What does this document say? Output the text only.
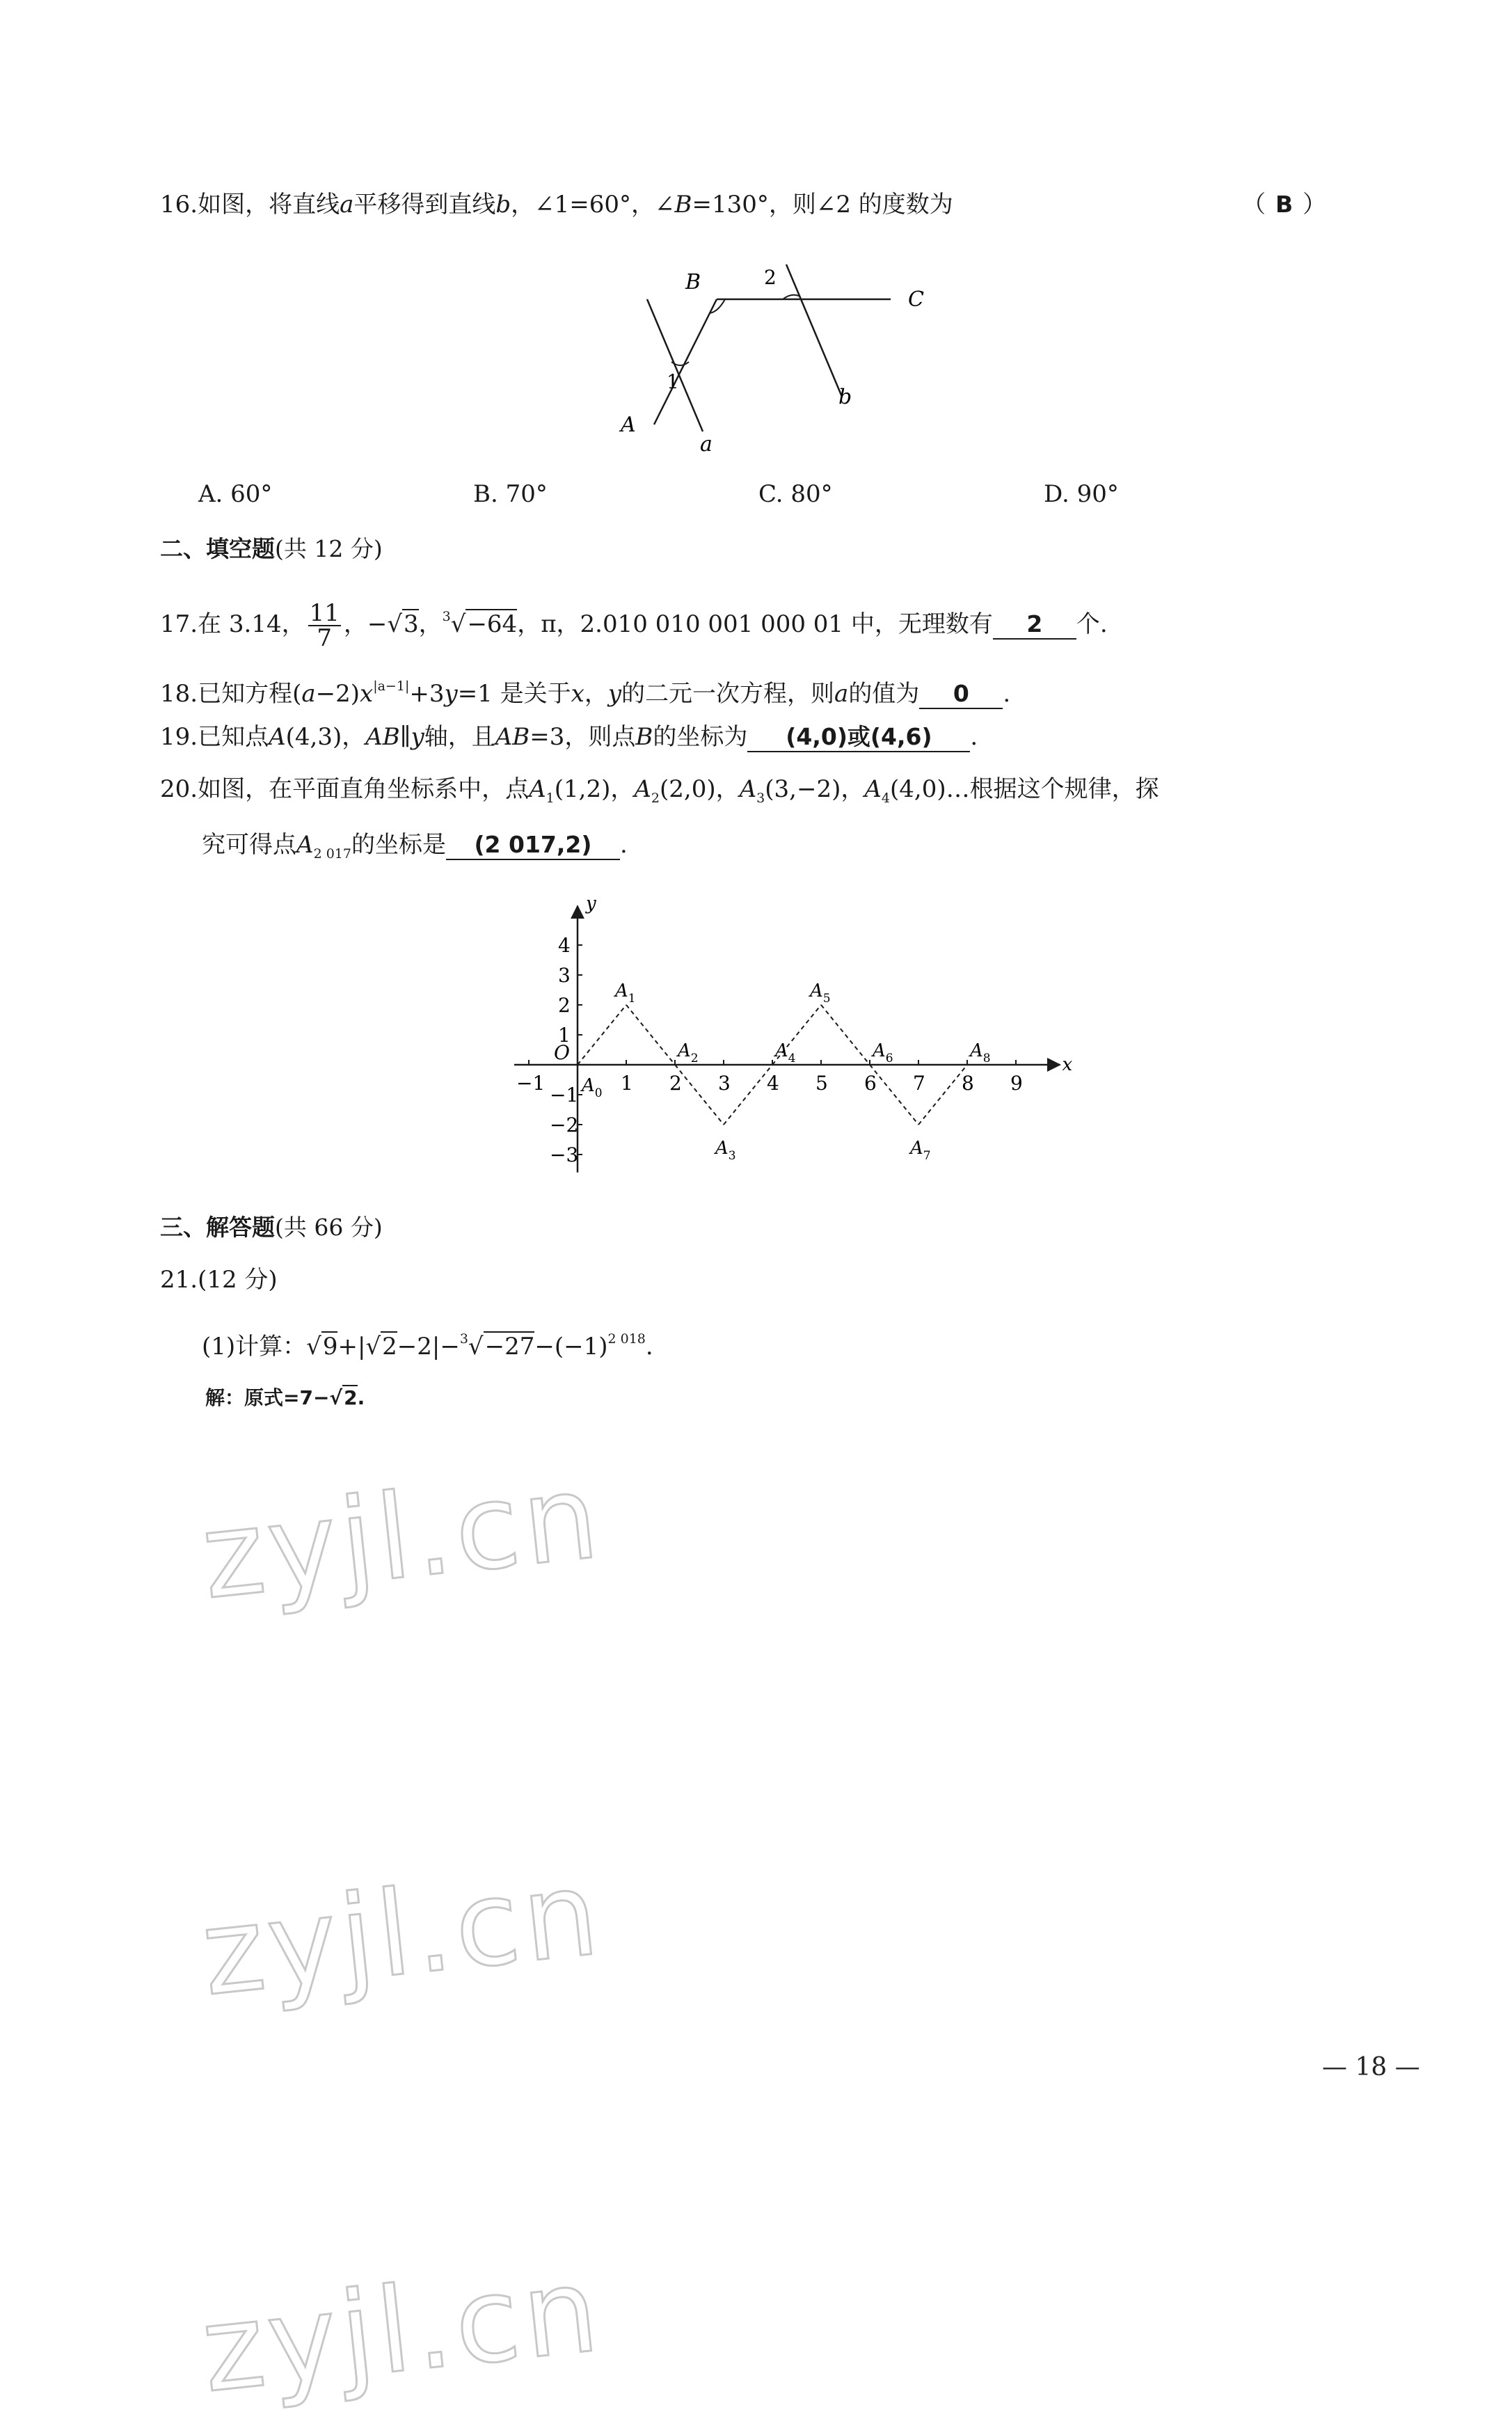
16.如图，将直线a平移得到直线b，∠1=60°，∠B=130°，则∠2 的度数为	（ B ）
B	2
C
1
A
a
b
A. 60°	B. 70°	C. 80°	D. 90°
二、填空题(共 12 分)
17.在 3.14， $\frac{11}{7}$ ，−√3，$^3$√−64，π，2.010 010 001 000 01 中，无理数有 2 个.
18.已知方程$(a-2)x^{|a-1|}+3y=1$ 是关于x，y的二元一次方程，则a的值为 0 .
19.已知点A(4,3)，AB∥y轴，且AB=3，则点B的坐标为 (4,0)或(4,6) .
20.如图，在平面直角坐标系中，点$A_1(1,2)$，$A_2(2,0)$，$A_3(3,-2)$，$A_4(4,0)\dots$根据这个规律，探
究可得点$A_{2 017}$的坐标是 (2 017,2) .
x
y
O
−1	1 2 3 4 5 6 7 8 9
4
3
2
1
−1
−2
−3
$A_0$
$A_1$
$A_2$
$A_3$
$A_4$
$A_5$
$A_6$
$A_7$
$A_8$
三、解答题(共 66 分)
21.(12 分)
(1)计算：$√9+|√2-2|-^3√-27-(-1)^{2 018}$.
解：原式=7−√2.
zyjl.cn
zyjl.cn
zyjl.cn
— 18 —
